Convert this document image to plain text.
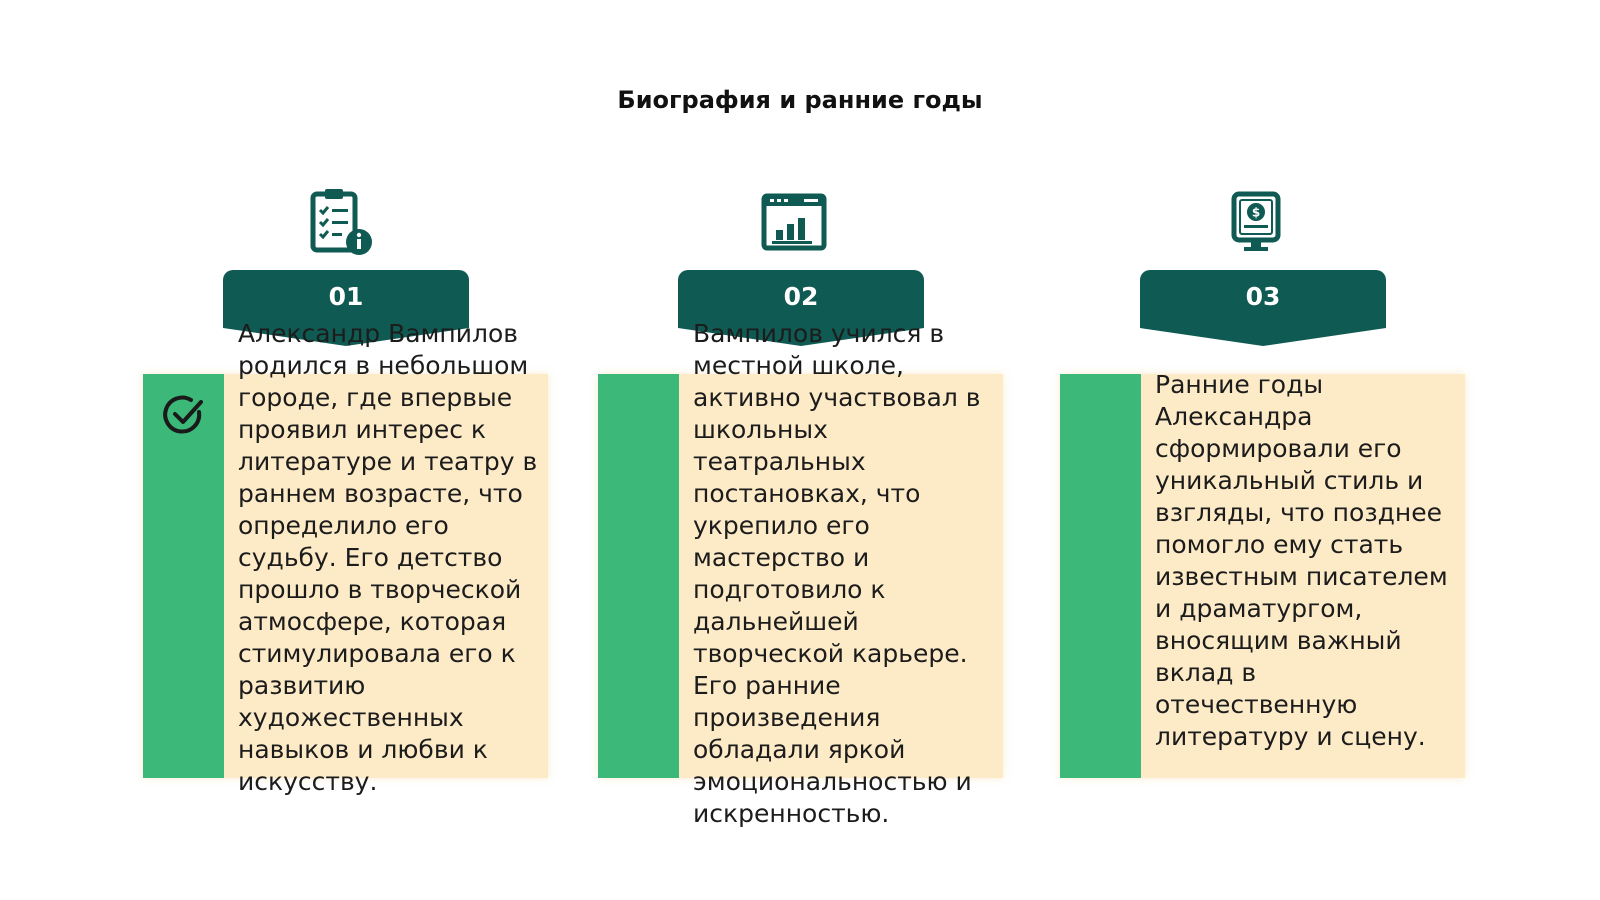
Биография и ранние годы
01

Александр Вампилов родился в небольшом городе, где впервые проявил интерес к литературе и театру в раннем возрасте, что определило его судьбу. Его детство прошло в творческой атмосфере, которая стимулировала его к развитию художественных навыков и любви к искусству.

02

Вампилов учился в местной школе, активно участвовал в школьных театральных постановках, что укрепило его мастерство и подготовило к дальнейшей творческой карьере. Его ранние произведения обладали яркой эмоциональностью и искренностью.

$
03

Ранние годы Александра сформировали его уникальный стиль и взгляды, что позднее помогло ему стать известным писателем и драматургом, вносящим важный вклад в отечественную литературу и сцену.
